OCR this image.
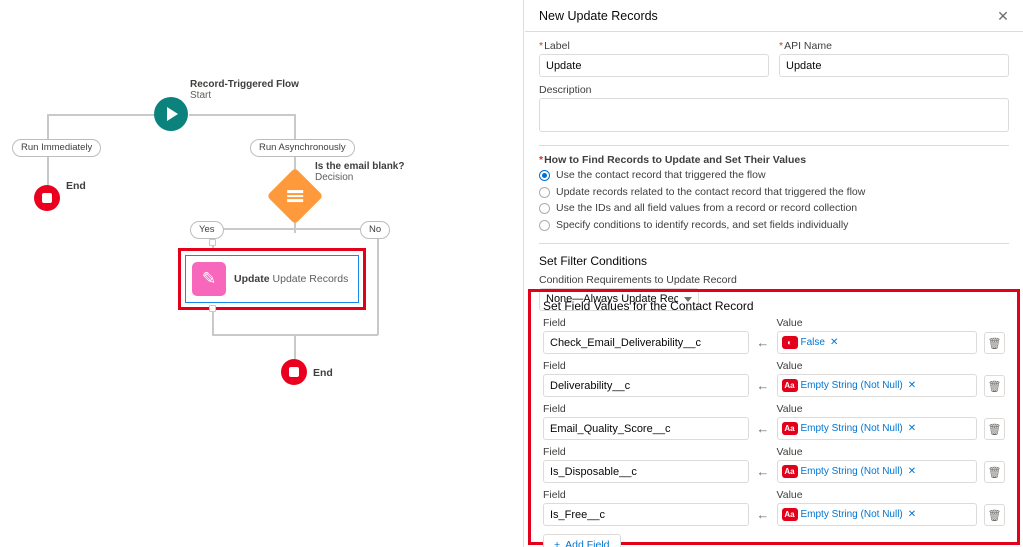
Record-Triggered Flow
Start
Run Immediately	Run Asynchronously
Yes	No
End
Is the email blank?
Decision
✎	Update Update Records
End
New Update Records	✕
*Label
Update	*API Name
Update
Description
*How to Find Records to Update and Set Their Values
Use the contact record that triggered the flow
Update records related to the contact record that triggered the flow
Use the IDs and all field values from a record or record collection
Specify conditions to identify records, and set fields individually
Set Filter Conditions
Condition Requirements to Update Record
None—Always Update Record
Set Field Values for the Contact Record
Field
Check_Email_Deliverability__c
←
Value
◐ False ✕	🗑
Field
Deliverability__c
←
Value
Aa Empty String (Not Null) ✕	🗑
Field
Email_Quality_Score__c
←
Value
Aa Empty String (Not Null) ✕	🗑
Field
Is_Disposable__c
←
Value
Aa Empty String (Not Null) ✕	🗑
Field
Is_Free__c
←
Value
Aa Empty String (Not Null) ✕	🗑
+ Add Field
